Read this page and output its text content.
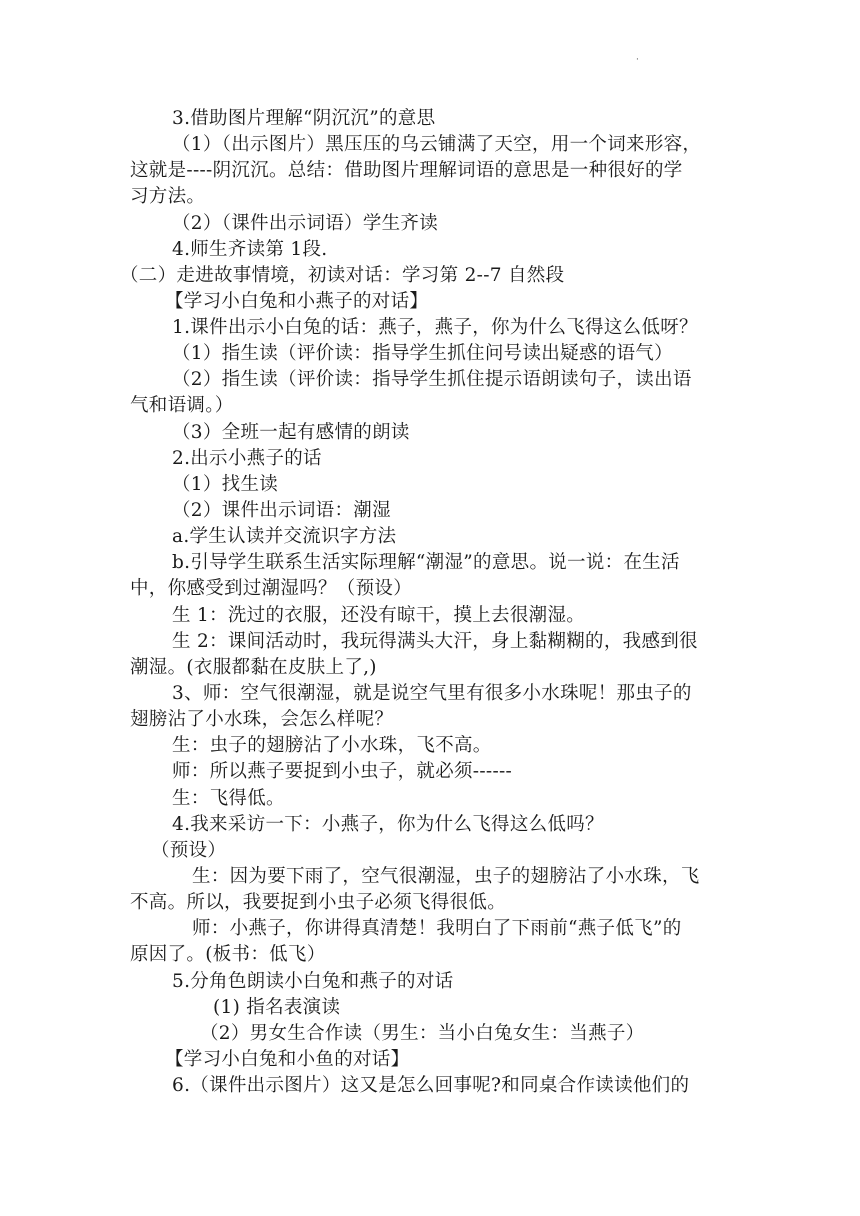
·
3.借助图片理解“阴沉沉”的意思
（1）（出示图片）黑压压的乌云铺满了天空，用一个词来形容，
这就是----阴沉沉。总结：借助图片理解词语的意思是一种很好的学
习方法。
（2）（课件出示词语）学生齐读
4.师生齐读第 1段.
（二）走进故事情境，初读对话：学习第 2--7 自然段
【学习小白兔和小燕子的对话】
1.课件出示小白兔的话：燕子，燕子，你为什么飞得这么低呀？
（1）指生读（评价读：指导学生抓住问号读出疑惑的语气）
（2）指生读（评价读：指导学生抓住提示语朗读句子，读出语
气和语调。）
（3）全班一起有感情的朗读
2.出示小燕子的话
（1）找生读
（2）课件出示词语：潮湿
a.学生认读并交流识字方法
b.引导学生联系生活实际理解“潮湿”的意思。说一说：在生活
中，你感受到过潮湿吗？（预设）
生 1：洗过的衣服，还没有晾干，摸上去很潮湿。
生 2：课间活动时，我玩得满头大汗，身上黏糊糊的，我感到很
潮湿。(衣服都黏在皮肤上了,)
3、师：空气很潮湿，就是说空气里有很多小水珠呢！那虫子的
翅膀沾了小水珠，会怎么样呢？
生：虫子的翅膀沾了小水珠，飞不高。
师：所以燕子要捉到小虫子，就必须------
生：飞得低。
4.我来采访一下：小燕子，你为什么飞得这么低吗？
（预设）
生：因为要下雨了，空气很潮湿，虫子的翅膀沾了小水珠，飞
不高。所以，我要捉到小虫子必须飞得很低。
师：小燕子，你讲得真清楚！我明白了下雨前“燕子低飞”的
原因了。(板书：低飞）
5.分角色朗读小白兔和燕子的对话
(1) 指名表演读
（2）男女生合作读（男生：当小白兔女生：当燕子）
【学习小白兔和小鱼的对话】
6.（课件出示图片）这又是怎么回事呢?和同桌合作读读他们的
